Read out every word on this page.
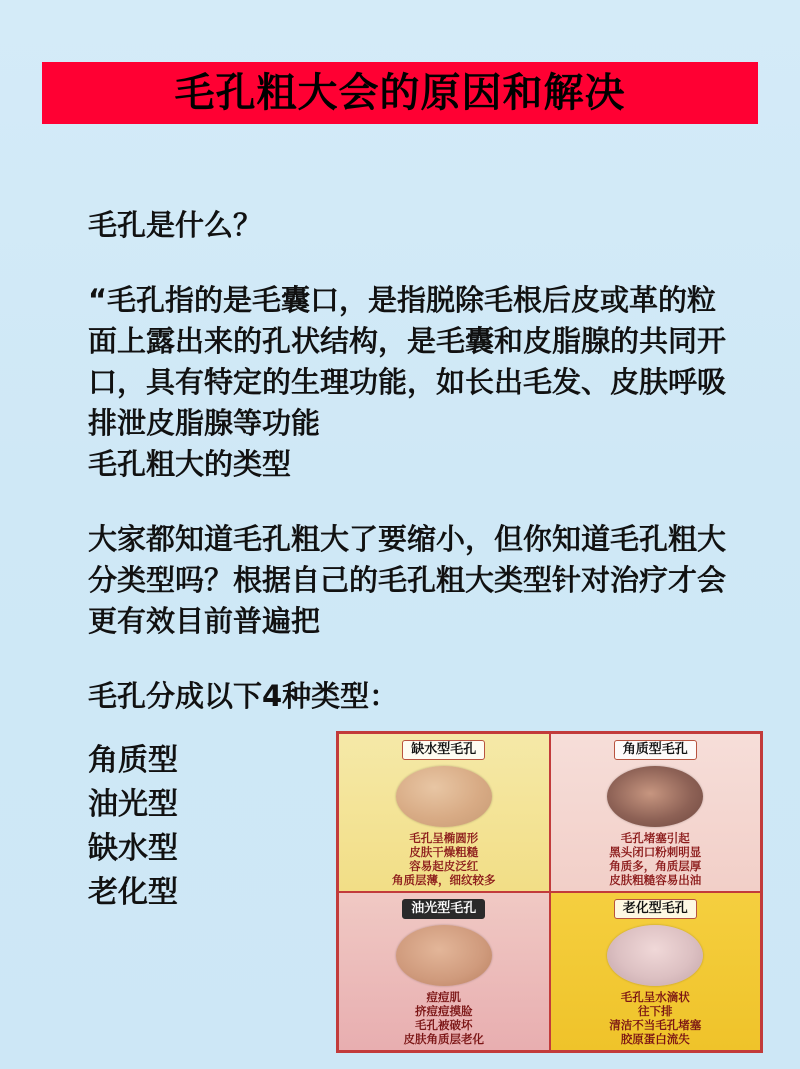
毛孔粗大会的原因和解决
毛孔是什么？
“毛孔指的是毛囊口，是指脱除毛根后皮或革的粒面上露出来的孔状结构，是毛囊和皮脂腺的共同开口，具有特定的生理功能，如长出毛发、皮肤呼吸排泄皮脂腺等功能
毛孔粗大的类型
大家都知道毛孔粗大了要缩小，但你知道毛孔粗大分类型吗？根据自己的毛孔粗大类型针对治疗才会更有效目前普遍把
毛孔分成以下4种类型：
角质型
油光型
缺水型
老化型
缺水型毛孔
毛孔呈椭圆形
皮肤干燥粗糙
容易起皮泛红
角质层薄，细纹较多
角质型毛孔
毛孔堵塞引起
黑头闭口粉刺明显
角质多，角质层厚
皮肤粗糙容易出油
油光型毛孔
痘痘肌
挤痘痘摸脸
毛孔被破坏
皮肤角质层老化
老化型毛孔
毛孔呈水滴状
往下排
清洁不当毛孔堵塞
胶原蛋白流失
